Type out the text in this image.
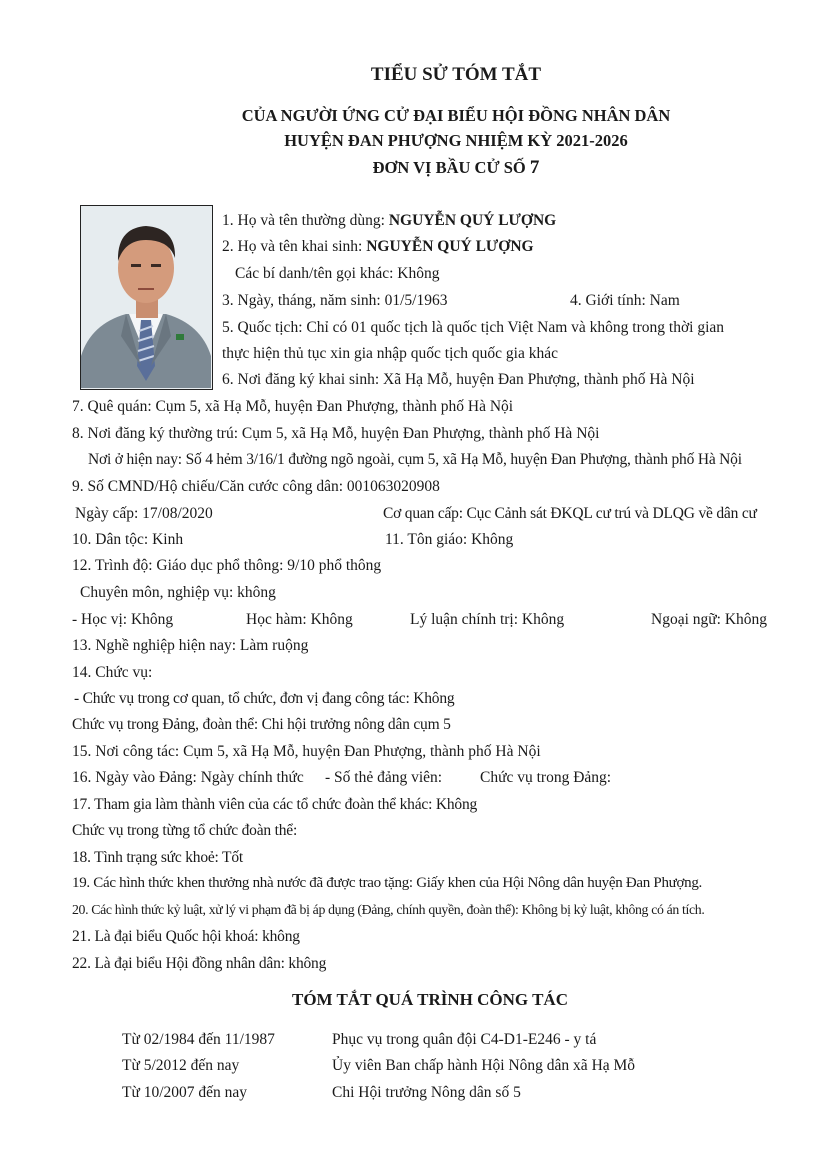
TIỂU SỬ TÓM TẮT
CỦA NGƯỜI ỨNG CỬ ĐẠI BIỂU HỘI ĐỒNG NHÂN DÂN
HUYỆN ĐAN PHƯỢNG NHIỆM KỲ 2021-2026
ĐƠN VỊ BẦU CỬ SỐ 7
1. Họ và tên thường dùng: NGUYỄN QUÝ LƯỢNG
2. Họ và tên khai sinh: NGUYỄN QUÝ LƯỢNG
Các bí danh/tên gọi khác: Không
3. Ngày, tháng, năm sinh: 01/5/1963	4. Giới tính: Nam
5. Quốc tịch: Chỉ có 01 quốc tịch là quốc tịch Việt Nam và không trong thời gian
thực hiện thủ tục xin gia nhập quốc tịch quốc gia khác
6. Nơi đăng ký khai sinh: Xã Hạ Mỗ, huyện Đan Phượng, thành phố Hà Nội
7. Quê quán: Cụm 5, xã Hạ Mỗ, huyện Đan Phượng, thành phố Hà Nội
8. Nơi đăng ký thường trú: Cụm 5, xã Hạ Mỗ, huyện Đan Phượng, thành phố Hà Nội
Nơi ở hiện nay: Số 4 hẻm 3/16/1 đường ngõ ngoài, cụm 5, xã Hạ Mỗ, huyện Đan Phượng, thành phố Hà Nội
9. Số CMND/Hộ chiếu/Căn cước công dân: 001063020908
Ngày cấp: 17/08/2020	Cơ quan cấp: Cục Cảnh sát ĐKQL cư trú và DLQG về dân cư
10. Dân tộc: Kinh	11. Tôn giáo: Không
12. Trình độ: Giáo dục phổ thông: 9/10 phổ thông
Chuyên môn, nghiệp vụ: không
- Học vị: Không	Học hàm: Không	Lý luận chính trị: Không	Ngoại ngữ: Không
13. Nghề nghiệp hiện nay: Làm ruộng
14. Chức vụ:
- Chức vụ trong cơ quan, tổ chức, đơn vị đang công tác: Không
Chức vụ trong Đảng, đoàn thể: Chi hội trưởng nông dân cụm 5
15. Nơi công tác: Cụm 5, xã Hạ Mỗ, huyện Đan Phượng, thành phố Hà Nội
16. Ngày vào Đảng: Ngày chính thức - Số thẻ đảng viên: Chức vụ trong Đảng:
17. Tham gia làm thành viên của các tổ chức đoàn thể khác: Không
Chức vụ trong từng tổ chức đoàn thể:
18. Tình trạng sức khoẻ: Tốt
19. Các hình thức khen thưởng nhà nước đã được trao tặng: Giấy khen của Hội Nông dân huyện Đan Phượng.
20. Các hình thức kỷ luật, xử lý vi phạm đã bị áp dụng (Đảng, chính quyền, đoàn thể): Không bị kỷ luật, không có án tích.
21. Là đại biểu Quốc hội khoá: không
22. Là đại biểu Hội đồng nhân dân: không
TÓM TẮT QUÁ TRÌNH CÔNG TÁC
Từ 02/1984 đến 11/1987	Phục vụ trong quân đội C4-D1-E246 - y tá
Từ 5/2012 đến nay	Ủy viên Ban chấp hành Hội Nông dân xã Hạ Mỗ
Từ 10/2007 đến nay	Chi Hội trưởng Nông dân số 5
